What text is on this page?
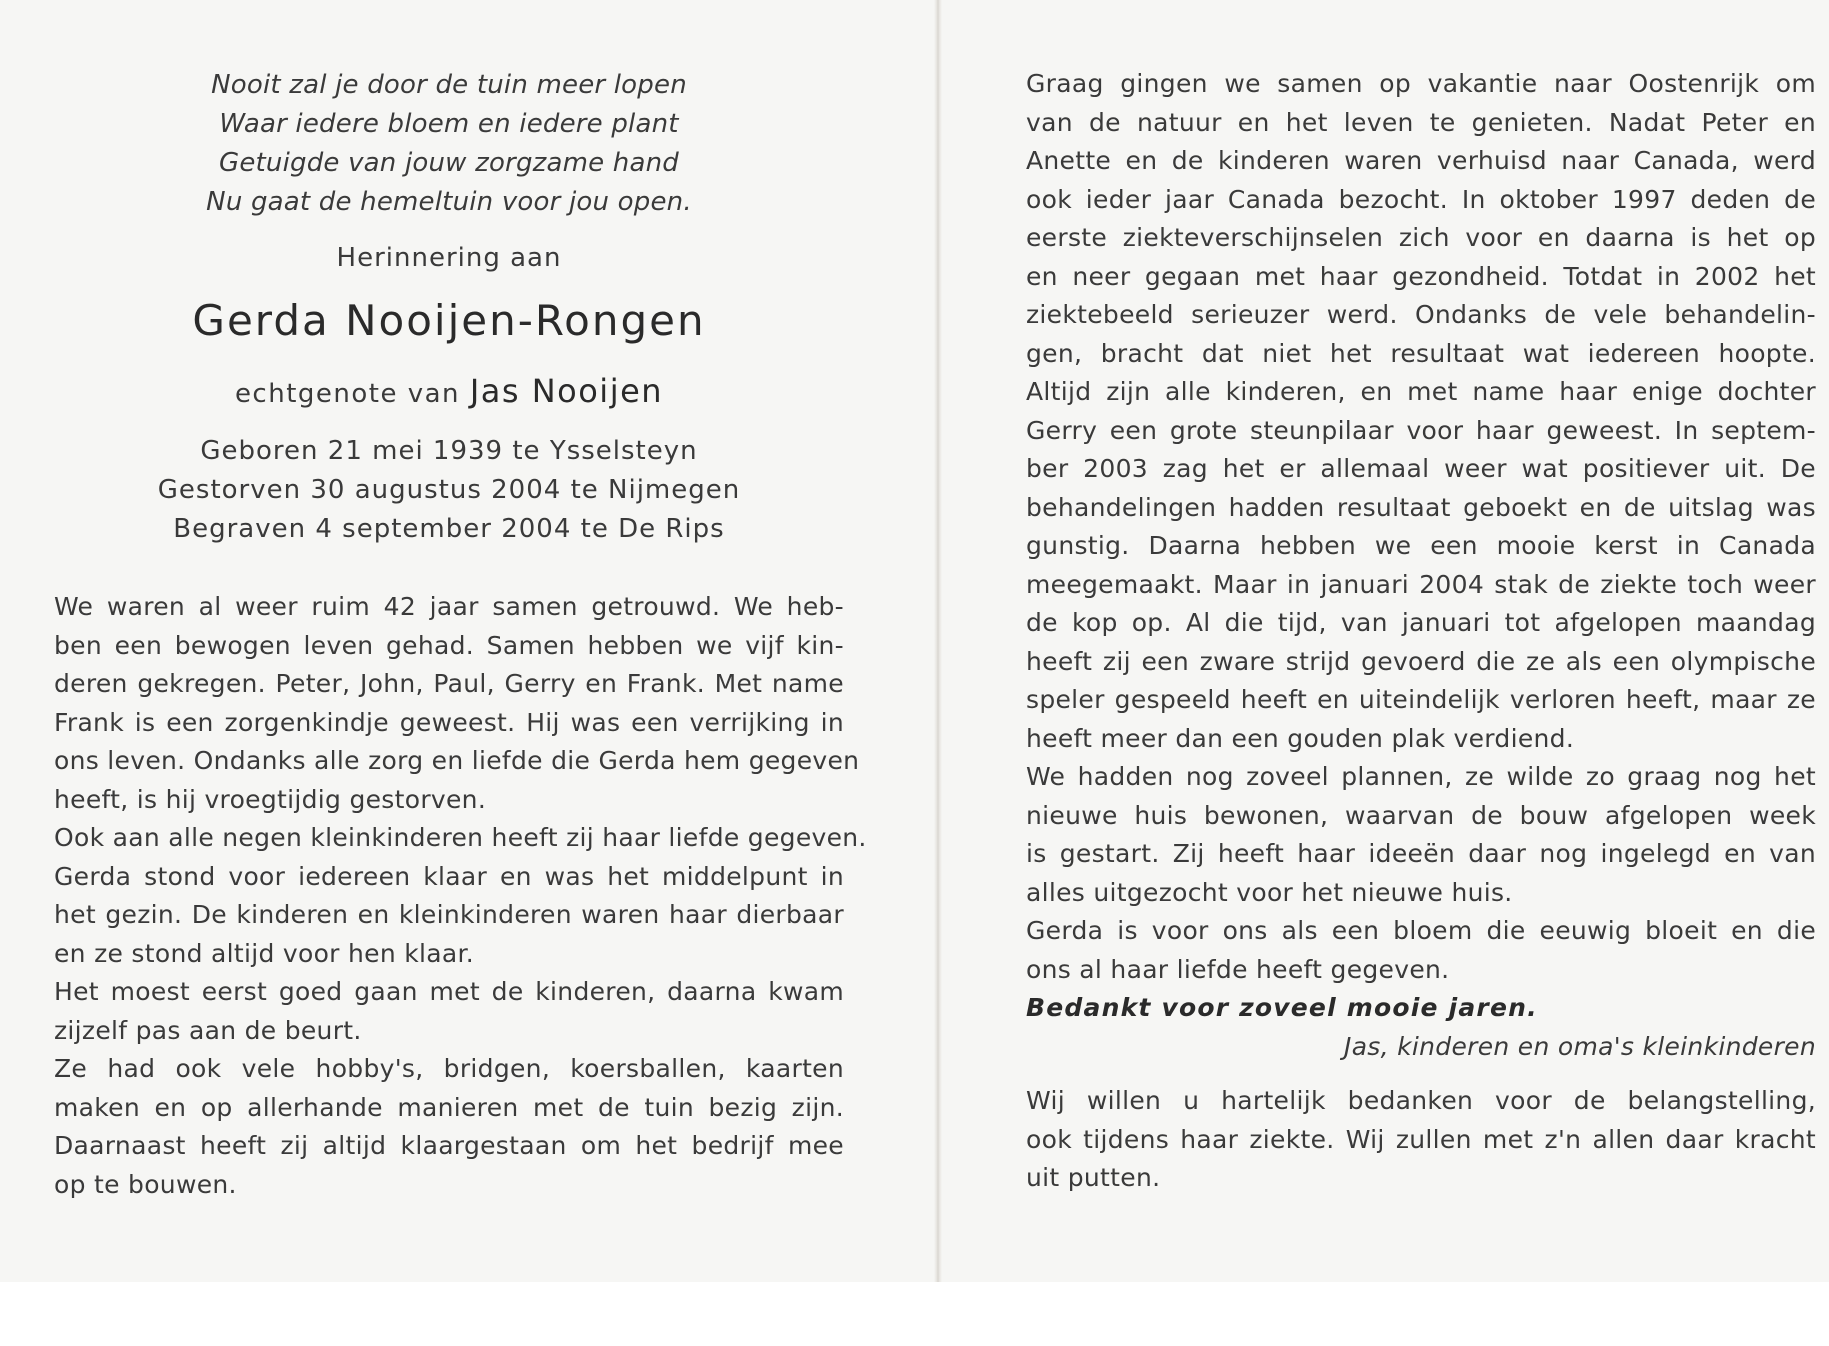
Nooit zal je door de tuin meer lopen
Waar iedere bloem en iedere plant
Getuigde van jouw zorgzame hand
Nu gaat de hemeltuin voor jou open.
Herinnering aan
Gerda Nooijen-Rongen
echtgenote van Jas Nooijen
Geboren 21 mei 1939 te Ysselsteyn
Gestorven 30 augustus 2004 te Nijmegen
Begraven 4 september 2004 te De Rips
We waren al weer ruim 42 jaar samen getrouwd. We heb-
ben een bewogen leven gehad. Samen hebben we vijf kin-
deren gekregen. Peter, John, Paul, Gerry en Frank. Met name
Frank is een zorgenkindje geweest. Hij was een verrijking in
ons leven. Ondanks alle zorg en liefde die Gerda hem gegeven
heeft, is hij vroegtijdig gestorven.
Ook aan alle negen kleinkinderen heeft zij haar liefde gegeven.
Gerda stond voor iedereen klaar en was het middelpunt in
het gezin. De kinderen en kleinkinderen waren haar dierbaar
en ze stond altijd voor hen klaar.
Het moest eerst goed gaan met de kinderen, daarna kwam
zijzelf pas aan de beurt.
Ze had ook vele hobby's, bridgen, koersballen, kaarten
maken en op allerhande manieren met de tuin bezig zijn.
Daarnaast heeft zij altijd klaargestaan om het bedrijf mee
op te bouwen.
Graag gingen we samen op vakantie naar Oostenrijk om
van de natuur en het leven te genieten. Nadat Peter en
Anette en de kinderen waren verhuisd naar Canada, werd
ook ieder jaar Canada bezocht. In oktober 1997 deden de
eerste ziekteverschijnselen zich voor en daarna is het op
en neer gegaan met haar gezondheid. Totdat in 2002 het
ziektebeeld serieuzer werd. Ondanks de vele behandelin-
gen, bracht dat niet het resultaat wat iedereen hoopte.
Altijd zijn alle kinderen, en met name haar enige dochter
Gerry een grote steunpilaar voor haar geweest. In septem-
ber 2003 zag het er allemaal weer wat positiever uit. De
behandelingen hadden resultaat geboekt en de uitslag was
gunstig. Daarna hebben we een mooie kerst in Canada
meegemaakt. Maar in januari 2004 stak de ziekte toch weer
de kop op. Al die tijd, van januari tot afgelopen maandag
heeft zij een zware strijd gevoerd die ze als een olympische
speler gespeeld heeft en uiteindelijk verloren heeft, maar ze
heeft meer dan een gouden plak verdiend.
We hadden nog zoveel plannen, ze wilde zo graag nog het
nieuwe huis bewonen, waarvan de bouw afgelopen week
is gestart. Zij heeft haar ideeën daar nog ingelegd en van
alles uitgezocht voor het nieuwe huis.
Gerda is voor ons als een bloem die eeuwig bloeit en die
ons al haar liefde heeft gegeven.
Bedankt voor zoveel mooie jaren.
Jas, kinderen en oma's kleinkinderen
Wij willen u hartelijk bedanken voor de belangstelling,
ook tijdens haar ziekte. Wij zullen met z'n allen daar kracht
uit putten.
